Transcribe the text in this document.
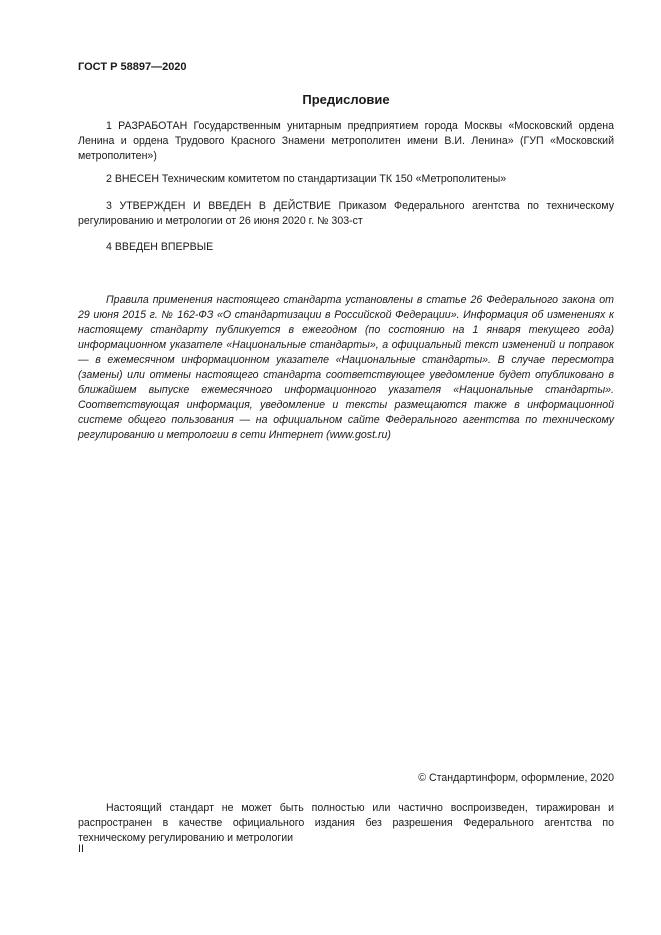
ГОСТ Р 58897—2020
Предисловие
1 РАЗРАБОТАН Государственным унитарным предприятием города Москвы «Московский ордена Ленина и ордена Трудового Красного Знамени метрополитен имени В.И. Ленина» (ГУП «Московский метрополитен»)
2 ВНЕСЕН Техническим комитетом по стандартизации ТК 150 «Метрополитены»
3 УТВЕРЖДЕН И ВВЕДЕН В ДЕЙСТВИЕ Приказом Федерального агентства по техническому регулированию и метрологии от 26 июня 2020 г. № 303-ст
4 ВВЕДЕН ВПЕРВЫЕ
Правила применения настоящего стандарта установлены в статье 26 Федерального закона от 29 июня 2015 г. № 162-ФЗ «О стандартизации в Российской Федерации». Информация об изменениях к настоящему стандарту публикуется в ежегодном (по состоянию на 1 января текущего года) информационном указателе «Национальные стандарты», а официальный текст изменений и поправок — в ежемесячном информационном указателе «Национальные стандарты». В случае пересмотра (замены) или отмены настоящего стандарта соответствующее уведомление будет опубликовано в ближайшем выпуске ежемесячного информационного указателя «Национальные стандарты». Соответствующая информация, уведомление и тексты размещаются также в информационной системе общего пользования — на официальном сайте Федерального агентства по техническому регулированию и метрологии в сети Интернет (www.gost.ru)
© Стандартинформ, оформление, 2020
Настоящий стандарт не может быть полностью или частично воспроизведен, тиражирован и распространен в качестве официального издания без разрешения Федерального агентства по техническому регулированию и метрологии
II
